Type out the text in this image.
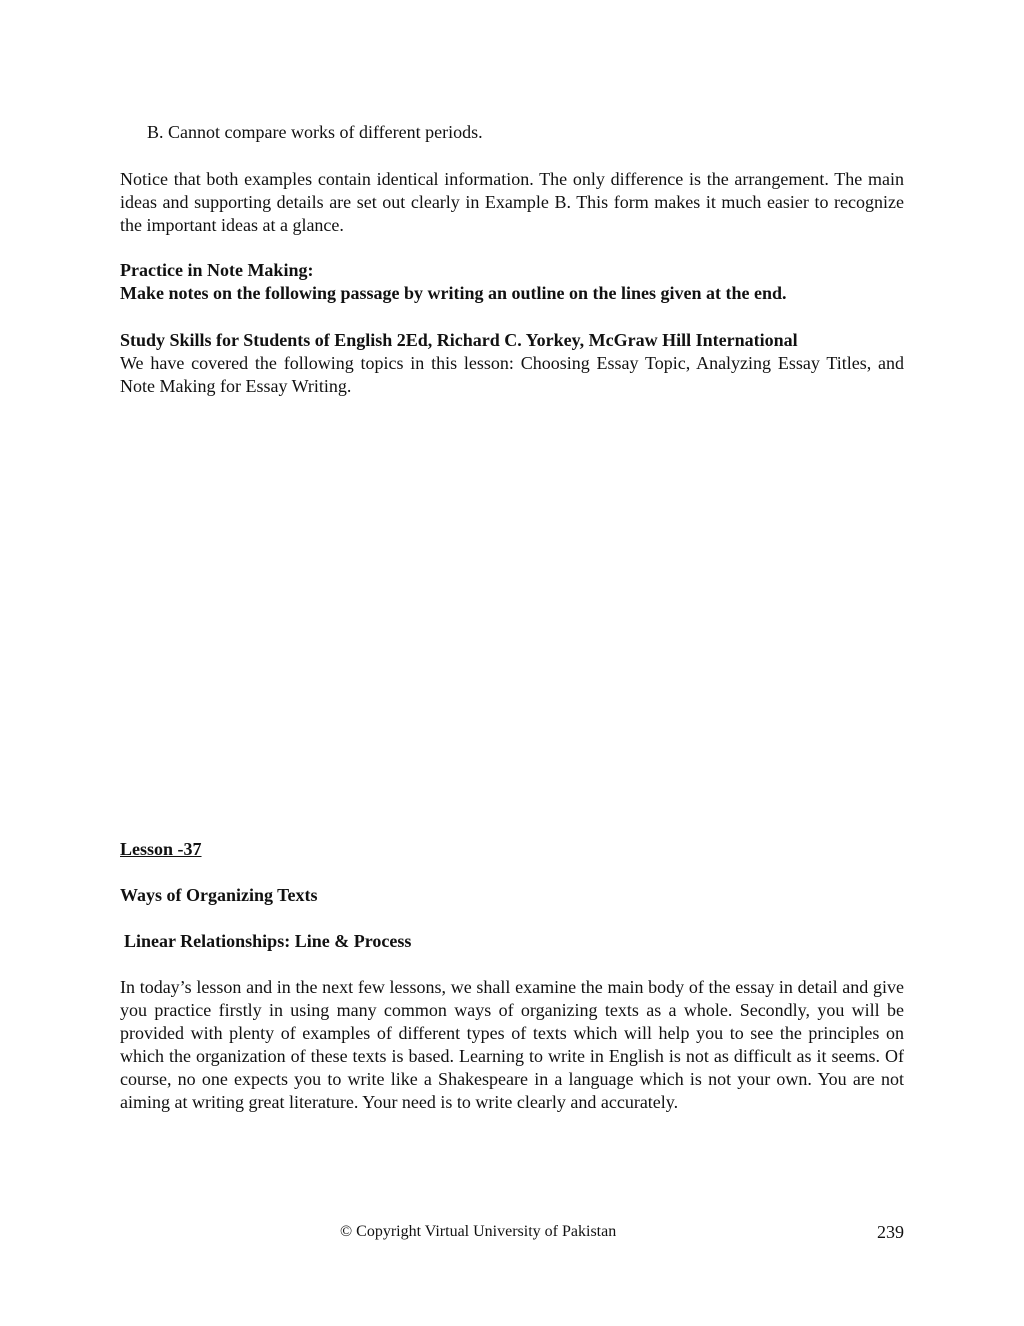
B. Cannot compare works of different periods.
Notice that both examples contain identical information. The only difference is the arrangement. The main ideas and supporting details are set out clearly in Example B. This form makes it much easier to recognize the important ideas at a glance.
Practice in Note Making:
Make notes on the following passage by writing an outline on the lines given at the end.
Study Skills for Students of English 2Ed, Richard C. Yorkey, McGraw Hill International
We have covered the following topics in this lesson: Choosing Essay Topic, Analyzing Essay Titles, and Note Making for Essay Writing.
Lesson -37
Ways of Organizing Texts
Linear Relationships: Line & Process
In today’s lesson and in the next few lessons, we shall examine the main body of the essay in detail and give you practice firstly in using many common ways of organizing texts as a whole. Secondly, you will be provided with plenty of examples of different types of texts which will help you to see the principles on which the organization of these texts is based. Learning to write in English is not as difficult as it seems. Of course, no one expects you to write like a Shakespeare in a language which is not your own. You are not aiming at writing great literature. Your need is to write clearly and accurately.
© Copyright Virtual University of Pakistan	239
